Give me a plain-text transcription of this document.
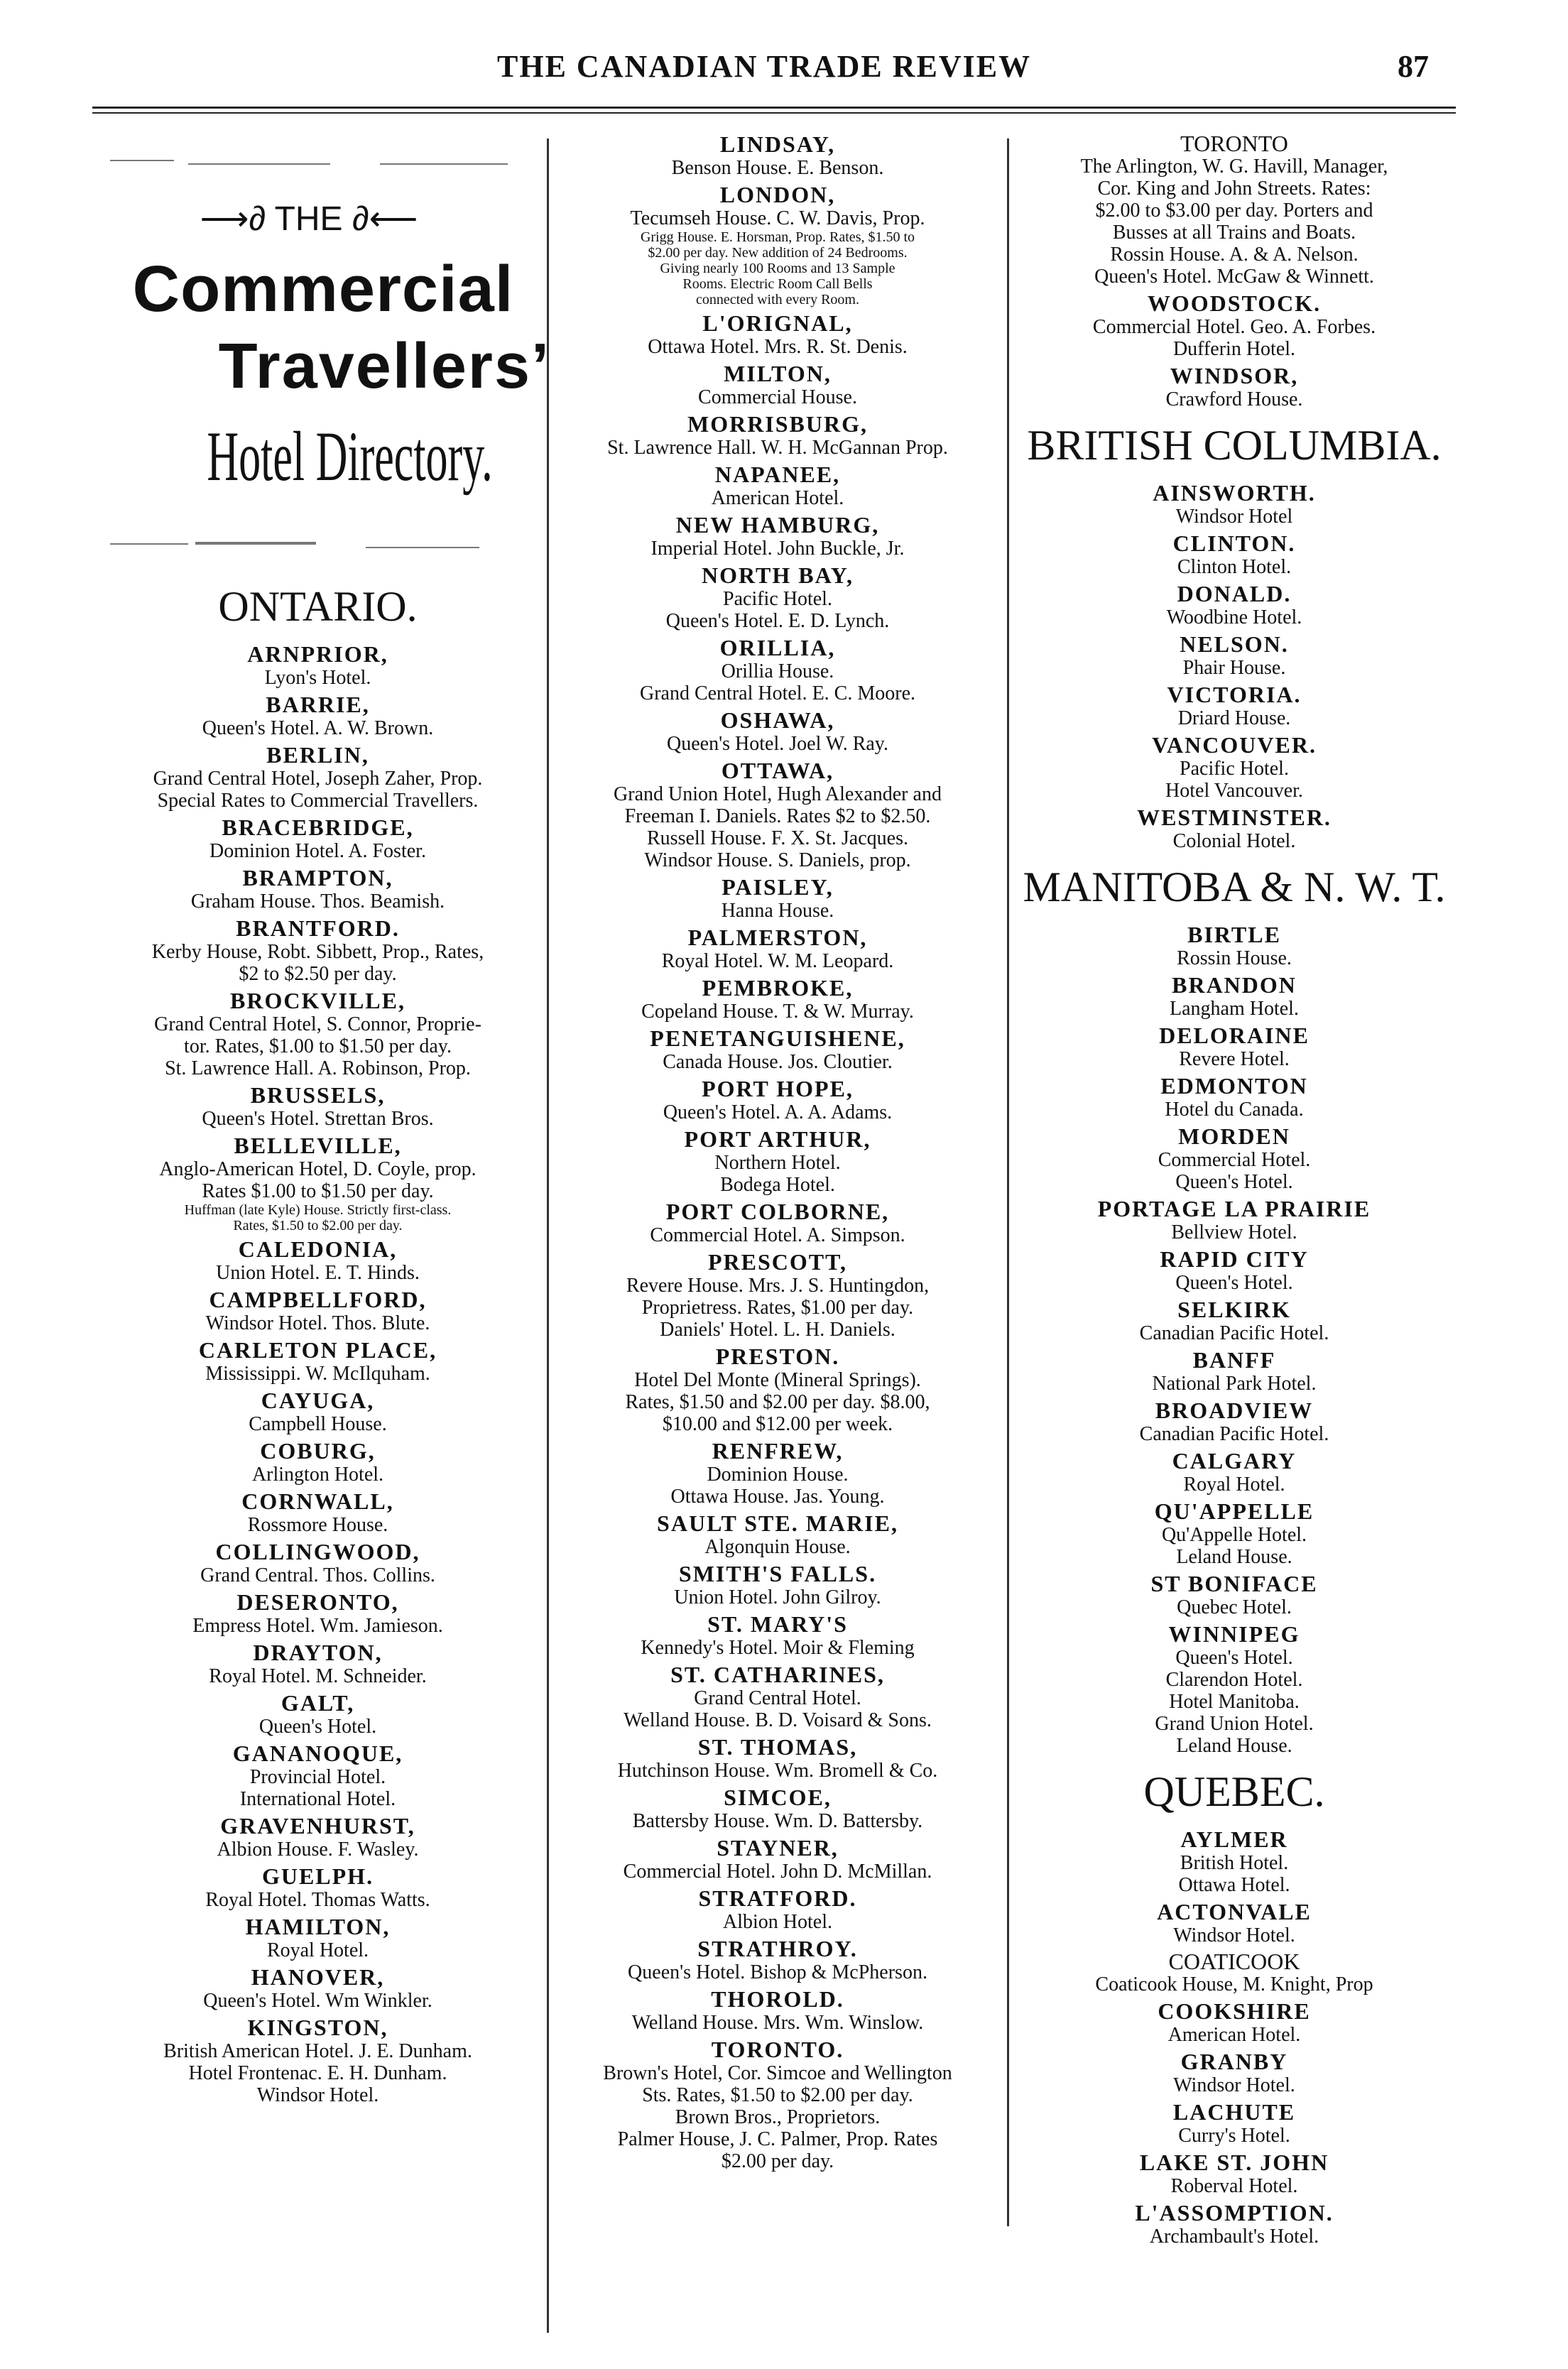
THE CANADIAN TRADE REVIEW	87
⟶∂ THE ∂⟵
Commercial
Travellers’
Hotel Directory.
ONTARIO.
ARNPRIOR,
Lyon's Hotel.
BARRIE,
Queen's Hotel. A. W. Brown.
BERLIN,
Grand Central Hotel, Joseph Zaher, Prop.
Special Rates to Commercial Travellers.
BRACEBRIDGE,
Dominion Hotel. A. Foster.
BRAMPTON,
Graham House. Thos. Beamish.
BRANTFORD.
Kerby House, Robt. Sibbett, Prop., Rates,
$2 to $2.50 per day.
BROCKVILLE,
Grand Central Hotel, S. Connor, Proprie-
tor. Rates, $1.00 to $1.50 per day.
St. Lawrence Hall. A. Robinson, Prop.
BRUSSELS,
Queen's Hotel. Strettan Bros.
BELLEVILLE,
Anglo-American Hotel, D. Coyle, prop.
Rates $1.00 to $1.50 per day.
Huffman (late Kyle) House. Strictly first-class.
Rates, $1.50 to $2.00 per day.
CALEDONIA,
Union Hotel. E. T. Hinds.
CAMPBELLFORD,
Windsor Hotel. Thos. Blute.
CARLETON PLACE,
Mississippi. W. McIlquham.
CAYUGA,
Campbell House.
COBURG,
Arlington Hotel.
CORNWALL,
Rossmore House.
COLLINGWOOD,
Grand Central. Thos. Collins.
DESERONTO,
Empress Hotel. Wm. Jamieson.
DRAYTON,
Royal Hotel. M. Schneider.
GALT,
Queen's Hotel.
GANANOQUE,
Provincial Hotel.
International Hotel.
GRAVENHURST,
Albion House. F. Wasley.
GUELPH.
Royal Hotel. Thomas Watts.
HAMILTON,
Royal Hotel.
HANOVER,
Queen's Hotel. Wm Winkler.
KINGSTON,
British American Hotel. J. E. Dunham.
Hotel Frontenac. E. H. Dunham.
Windsor Hotel.
LINDSAY,
Benson House. E. Benson.
LONDON,
Tecumseh House. C. W. Davis, Prop.
Grigg House. E. Horsman, Prop. Rates, $1.50 to
$2.00 per day. New addition of 24 Bedrooms.
Giving nearly 100 Rooms and 13 Sample
Rooms. Electric Room Call Bells
connected with every Room.
L'ORIGNAL,
Ottawa Hotel. Mrs. R. St. Denis.
MILTON,
Commercial House.
MORRISBURG,
St. Lawrence Hall. W. H. McGannan Prop.
NAPANEE,
American Hotel.
NEW HAMBURG,
Imperial Hotel. John Buckle, Jr.
NORTH BAY,
Pacific Hotel.
Queen's Hotel. E. D. Lynch.
ORILLIA,
Orillia House.
Grand Central Hotel. E. C. Moore.
OSHAWA,
Queen's Hotel. Joel W. Ray.
OTTAWA,
Grand Union Hotel, Hugh Alexander and
Freeman I. Daniels. Rates $2 to $2.50.
Russell House. F. X. St. Jacques.
Windsor House. S. Daniels, prop.
PAISLEY,
Hanna House.
PALMERSTON,
Royal Hotel. W. M. Leopard.
PEMBROKE,
Copeland House. T. & W. Murray.
PENETANGUISHENE,
Canada House. Jos. Cloutier.
PORT HOPE,
Queen's Hotel. A. A. Adams.
PORT ARTHUR,
Northern Hotel.
Bodega Hotel.
PORT COLBORNE,
Commercial Hotel. A. Simpson.
PRESCOTT,
Revere House. Mrs. J. S. Huntingdon,
Proprietress. Rates, $1.00 per day.
Daniels' Hotel. L. H. Daniels.
PRESTON.
Hotel Del Monte (Mineral Springs).
Rates, $1.50 and $2.00 per day. $8.00,
$10.00 and $12.00 per week.
RENFREW,
Dominion House.
Ottawa House. Jas. Young.
SAULT STE. MARIE,
Algonquin House.
SMITH'S FALLS.
Union Hotel. John Gilroy.
ST. MARY'S
Kennedy's Hotel. Moir & Fleming
ST. CATHARINES,
Grand Central Hotel.
Welland House. B. D. Voisard & Sons.
ST. THOMAS,
Hutchinson House. Wm. Bromell & Co.
SIMCOE,
Battersby House. Wm. D. Battersby.
STAYNER,
Commercial Hotel. John D. McMillan.
STRATFORD.
Albion Hotel.
STRATHROY.
Queen's Hotel. Bishop & McPherson.
THOROLD.
Welland House. Mrs. Wm. Winslow.
TORONTO.
Brown's Hotel, Cor. Simcoe and Wellington
Sts. Rates, $1.50 to $2.00 per day.
Brown Bros., Proprietors.
Palmer House, J. C. Palmer, Prop. Rates
$2.00 per day.
TORONTO
The Arlington, W. G. Havill, Manager,
Cor. King and John Streets. Rates:
$2.00 to $3.00 per day. Porters and
Busses at all Trains and Boats.
Rossin House. A. & A. Nelson.
Queen's Hotel. McGaw & Winnett.
WOODSTOCK.
Commercial Hotel. Geo. A. Forbes.
Dufferin Hotel.
WINDSOR,
Crawford House.
BRITISH COLUMBIA.
AINSWORTH.
Windsor Hotel
CLINTON.
Clinton Hotel.
DONALD.
Woodbine Hotel.
NELSON.
Phair House.
VICTORIA.
Driard House.
VANCOUVER.
Pacific Hotel.
Hotel Vancouver.
WESTMINSTER.
Colonial Hotel.
MANITOBA & N. W. T.
BIRTLE
Rossin House.
BRANDON
Langham Hotel.
DELORAINE
Revere Hotel.
EDMONTON
Hotel du Canada.
MORDEN
Commercial Hotel.
Queen's Hotel.
PORTAGE LA PRAIRIE
Bellview Hotel.
RAPID CITY
Queen's Hotel.
SELKIRK
Canadian Pacific Hotel.
BANFF
National Park Hotel.
BROADVIEW
Canadian Pacific Hotel.
CALGARY
Royal Hotel.
QU'APPELLE
Qu'Appelle Hotel.
Leland House.
ST BONIFACE
Quebec Hotel.
WINNIPEG
Queen's Hotel.
Clarendon Hotel.
Hotel Manitoba.
Grand Union Hotel.
Leland House.
QUEBEC.
AYLMER
British Hotel.
Ottawa Hotel.
ACTONVALE
Windsor Hotel.
COATICOOK
Coaticook House, M. Knight, Prop
COOKSHIRE
American Hotel.
GRANBY
Windsor Hotel.
LACHUTE
Curry's Hotel.
LAKE ST. JOHN
Roberval Hotel.
L'ASSOMPTION.
Archambault's Hotel.
